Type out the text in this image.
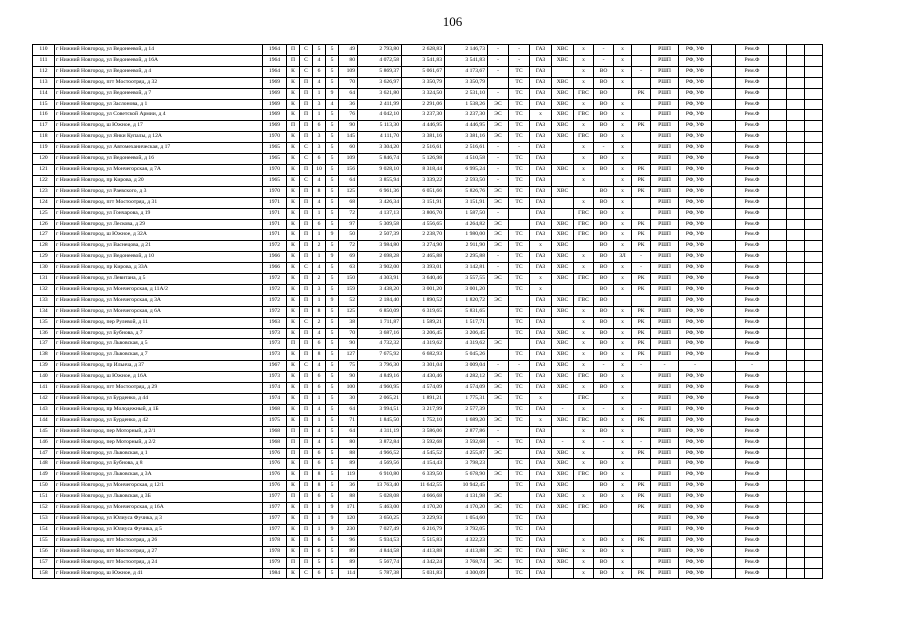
106
110	г Нижний Новгород, ул Ведонеевой, д 14	1964	П	С	5	5	49	2 793,80	2 628,83	2 146,73	-	-	ГАЗ	ХВС	х	-	х		РШП	РФ, УФ		Рем.Ф			
111	г Нижний Новгород, ул Ведонеевой, д 16А	1964	П	С	4	5	80	4 072,58	3 541,83	3 541,83	-	-	ГАЗ	ХВС	х	-	х		РШП	РФ, УФ		Рем.Ф			
112	г Нижний Новгород, ул Ведонеевой, д 4	1964	К	С	6	5	109	5 869,37	5 061,67	4 173,67	-	ТС	ГАЗ		х	ВО	х	-	РШП	РФ, УФ		Рем.Ф			
113	г Нижний Новгород, пгт Мостоотряд, д 32	1969	К	П	4	5	70	3 626,97	3 350,79	3 350,79		ТС	ГАЗ	ХВС	х	ВО	х		РШП	РФ, УФ		Рем.Ф			
114	г Нижний Новгород, ул Ведонеевой, д 7	1969	К	П	1	9	64	3 621,80	3 324,50	2 531,10	-	ТС	ГАЗ	ХВС	ГВС	ВО		РК	РШП	РФ, УФ		Рем.Ф			
115	г Нижний Новгород, ул Заслонова, д 1	1969	К	П	3	4	36	2 411,99	2 291,06	1 538,26	ЭС	ТС	ГАЗ	ХВС	х	ВО	х		РШП	РФ, УФ		Рем.Ф			
116	г Нижний Новгород, ул Советской Армии, д 4	1969	К	П	1	5	76	4 042,10	3 237,30	3 237,30	ЭС	ТС	х	ХВС	ГВС	ВО	х		РШП	РФ, УФ		Рем.Ф			
117	г Нижний Новгород, ш Южное, д 17	1969	П	П	6	5	90	5 113,30	4 446,95	4 446,95	ЭС	ТС	ГАЗ	ХВС	х	ВО	х	РК	РШП	РФ, УФ		Рем.Ф			
118	г Нижний Новгород, ул Янки Купалы, д 12А	1970	К	П	3	5	145	4 111,70	3 381,16	3 381,16	ЭС	ТС	ГАЗ	ХВС	ГВС	ВО	х		РШП	РФ, УФ		Рем.Ф			
119	г Нижний Новгород, ул Автомеханическая, д 17	1965	К	С	3	5	60	3 304,20	2 516,61	2 516,61	-	-	ГАЗ		х	-	х		РШП	РФ, УФ		Рем.Ф			
120	г Нижний Новгород, ул Ведонеевой, д 16	1965	К	С	6	5	109	5 846,74	5 126,98	4 510,58	-	ТС	ГАЗ		х	ВО	х		РШП	РФ, УФ		Рем.Ф			
121	г Нижний Новгород, ул Мончегорская, д 7А	1970	К	П	10	5	156	9 028,10	8 318,44	6 995,24	-	ТС	ГАЗ	ХВС	х	ВО	х	РК	РШП	РФ, УФ		Рем.Ф			
122	г Нижний Новгород, пр Кирова, д 20	1965	К	С	4	5	64	3 855,94	3 339,22	2 593,50	-	ТС	ГАЗ		х		х	РК	РШП	РФ, УФ		Рем.Ф			
123	г Нижний Новгород, ул Раевского, д 3	1970	К	П	8	5	125	6 961,36	6 051,66	5 826,76	ЭС	ТС	ГАЗ	ХВС		ВО	х	РК	РШП	РФ, УФ		Рем.Ф			
124	г Нижний Новгород, пгт Мостоотряд, д 31	1971	К	П	4	5	68	3 426,34	3 151,91	3 151,91	ЭС	ТС	ГАЗ		х	ВО	х		РШП	РФ, УФ		Рем.Ф			
125	г Нижний Новгород, ул Гончарова, д 19	1971	К	П	1	5	72	4 137,13	3 806,70	1 587,50	-		ГАЗ		ГВС	ВО	х		РШП	РФ, УФ		Рем.Ф			
126	г Нижний Новгород, ул Лескова, д 29	1971	К	П	6	5	97	5 309,58	4 556,65	4 264,82	ЭС		ГАЗ	ХВС	ГВС	ВО	х	РК	РШП	РФ, УФ		Рем.Ф			
127	г Нижний Новгород, ш Южное, д 32А	1971	К	П	1	9	50	2 507,39	2 238,70	1 980,00	ЭС	ТС	ГАЗ	ХВС	ГВС	ВО	х	РК	РШП	РФ, УФ		Рем.Ф			
128	г Нижний Новгород, ул Васнецова, д 21	1972	К	П	2	5	72	3 984,80	3 274,90	2 911,90	ЭС	ТС	х	ХВС		ВО	х	РК	РШП	РФ, УФ		Рем.Ф			
129	г Нижний Новгород, ул Ведонеевой, д 10	1966	К	П	1	9	69	2 698,28	2 465,88	2 295,88	-	ТС	ГАЗ	ХВС	х	ВО	ЗЛ	-	РШП	РФ, УФ		Рем.Ф			
130	г Нижний Новгород, пр Кирова, д 33А	1966	К	С	4	5	63	3 902,00	3 393,01	3 142,81	-	ТС	ГАЗ	ХВС	х	ВО	х	-	РШП	РФ, УФ		Рем.Ф			
131	г Нижний Новгород, ул Левитана, д 5	1972	К	П	2	5	150	4 303,91	3 640,46	3 557,55	ЭС	ТС	х	ХВС	ГВС	ВО	х	РК	РШП	РФ, УФ		Рем.Ф			
132	г Нижний Новгород, ул Мончегорская, д 11А/2	1972	К	П	3	5	159	3 438,20	3 001,20	3 001,20		ТС	х			ВО	х	РК	РШП	РФ, УФ		Рем.Ф			
133	г Нижний Новгород, ул Мончегорская, д 3А	1972	К	П	1	9	52	2 184,40	1 890,52	1 820,72	ЭС		ГАЗ	ХВС	ГВС	ВО			РШП	РФ, УФ		Рем.Ф			
134	г Нижний Новгород, ул Мончегорская, д 6А	1972	К	П	8	5	125	6 850,09	6 319,65	5 831,65		ТС	ГАЗ	ХВС	х	ВО	х	РК	РШП	РФ, УФ		Рем.Ф			
135	г Нижний Новгород, пер Рулевой, д 11	1963	К	С	2	5	38	1 711,87	1 589,21	1 517,71		ТС	ГАЗ		х	ВО	х	РК	РШП	РФ, УФ		Рем.Ф			
136	г Нижний Новгород, ул Бубнова, д 7	1973	К	П	4	5	70	3 687,16	3 206,45	3 206,45		ТС	ГАЗ	ХВС	х	ВО	х	РК	РШП	РФ, УФ		Рем.Ф			
137	г Нижний Новгород, ул Львовская, д 5	1973	П	П	6	5	90	4 732,32	4 319,62	4 319,62	ЭС		ГАЗ	ХВС	х	ВО	х	РК	РШП	РФ, УФ		Рем.Ф			
138	г Нижний Новгород, ул Львовская, д 7	1973	К	П	8	5	127	7 675,92	6 682,93	5 045,26		ТС	ГАЗ	ХВС	х	ВО	х	РК	РШП	РФ, УФ		Рем.Ф			
139	г Нижний Новгород, пр Ильича, д 37	1967	К	С	4	5	75	3 796,30	3 301,04	3 009,04	-	-	ГАЗ	ХВС	х	-	х	-	-	-		-			
140	г Нижний Новгород, ш Южное, д 16А	1973	К	П	6	5	90	4 849,16	4 430,46	4 282,12	ЭС	ТС	ГАЗ	ХВС	ГВС	ВО	х		РШП	РФ, УФ		Рем.Ф			
141	г Нижний Новгород, пгт Мостоотряд, д 29	1974	К	П	6	5	100	4 960,95	4 574,09	4 574,09	ЭС	ТС	ГАЗ	ХВС	х	ВО	х		РШП	РФ, УФ		Рем.Ф			
142	г Нижний Новгород, ул Бурденко, д 44	1974	К	П	1	5	30	2 065,21	1 891,21	1 775,31	ЭС	ТС	х		ГВС		х		РШП	РФ, УФ		Рем.Ф			
143	г Нижний Новгород, пр Молодежный, д 1Б	1968	К	П	4	5	64	3 994,51	3 217,99	2 577,39		ТС	ГАЗ	-	х	-	х	-	РШП	РФ, УФ		Рем.Ф			
144	г Нижний Новгород, ул Бурденко, д 42	1975	К	П	1	5	71	1 845,50	1 752,10	1 689,20	ЭС	ТС	х	ХВС	ГВС	ВО	х	РК	РШП	РФ, УФ		Рем.Ф			
145	г Нижний Новгород, пер Моторный, д 2/1	1968	П	П	4	5	64	4 311,19	3 586,06	2 877,86	-		ГАЗ		х	ВО	х		РШП	РФ, УФ		Рем.Ф			
146	г Нижний Новгород, пер Моторный, д 2/2	1968	П	П	4	5	80	3 872,84	3 592,68	3 592,68	-	ТС	ГАЗ	-	х	-	х	-	РШП	РФ, УФ		Рем.Ф			
147	г Нижний Новгород, ул Львовская, д 1	1976	П	П	6	5	88	4 966,52	4 545,52	4 255,87	ЭС		ГАЗ	ХВС	х		х	РК	РШП	РФ, УФ		Рем.Ф			
148	г Нижний Новгород, ул Бубнова, д 8	1976	К	П	6	5	89	4 569,56	4 154,43	3 798,23		ТС	ГАЗ	ХВС	х	ВО	х		РШП	РФ, УФ		Рем.Ф			
149	г Нижний Новгород, ул Львовская, д 3А	1976	К	П	8	5	119	6 910,80	6 339,50	5 678,90	ЭС	ТС	ГАЗ	ХВС	ГВС	ВО	х		РШП	РФ, УФ		Рем.Ф			
150	г Нижний Новгород, ул Мончегорская, д 12/1	1976	К	П	8	5	36	13 763,40	11 642,55	10 942,45		ТС	ГАЗ	ХВС		ВО	х	РК	РШП	РФ, УФ		Рем.Ф			
151	г Нижний Новгород, ул Львовская, д 3Б	1977	П	П	6	5	88	5 028,08	4 666,68	4 131,98	ЭС		ГАЗ	ХВС	х	ВО	х	РК	РШП	РФ, УФ		Рем.Ф			
152	г Нижний Новгород, ул Мончегорская, д 16А	1977	К	П	1	9	171	5 463,00	4 170,20	4 170,20	ЭС	ТС	ГАЗ	ХВС	ГВС	ВО		РК	РШП	РФ, УФ		Рем.Ф			
153	г Нижний Новгород, ул Юлиуса Фучика, д 3	1977	К	П	1	9	120	3 650,25	3 229,93	1 054,60		ТС	ГАЗ						РШП	РФ, УФ		Рем.Ф			
154	г Нижний Новгород, ул Юлиуса Фучика, д 5	1977	К	П	1	9	230	7 027,49	6 216,79	3 792,05		ТС	ГАЗ						РШП	РФ, УФ		Рем.Ф			
155	г Нижний Новгород, пгт Мостоотряд, д 26	1978	К	П	6	5	96	5 934,53	5 515,83	4 322,23		ТС	ГАЗ		х	ВО	х	РК	РШП	РФ, УФ		Рем.Ф			
156	г Нижний Новгород, пгт Мостоотряд, д 27	1978	К	П	6	5	89	4 844,58	4 413,88	4 413,88	ЭС	ТС	ГАЗ	ХВС	х	ВО	х		РШП	РФ, УФ		Рем.Ф			
157	г Нижний Новгород, пгт Мостоотряд, д 24	1979	П	П	5	5	89	5 567,74	4 342,24	3 768,74	ЭС	ТС	ГАЗ	ХВС	х	ВО	х		РШП	РФ, УФ		Рем.Ф			
158	г Нижний Новгород, ш Южное, д 41	1984	К	С	6	5	114	5 787,38	5 031,83	4 300,09		ТС	ГАЗ		х	ВО	х	РК	РШП	РФ, УФ		Рем.Ф			
